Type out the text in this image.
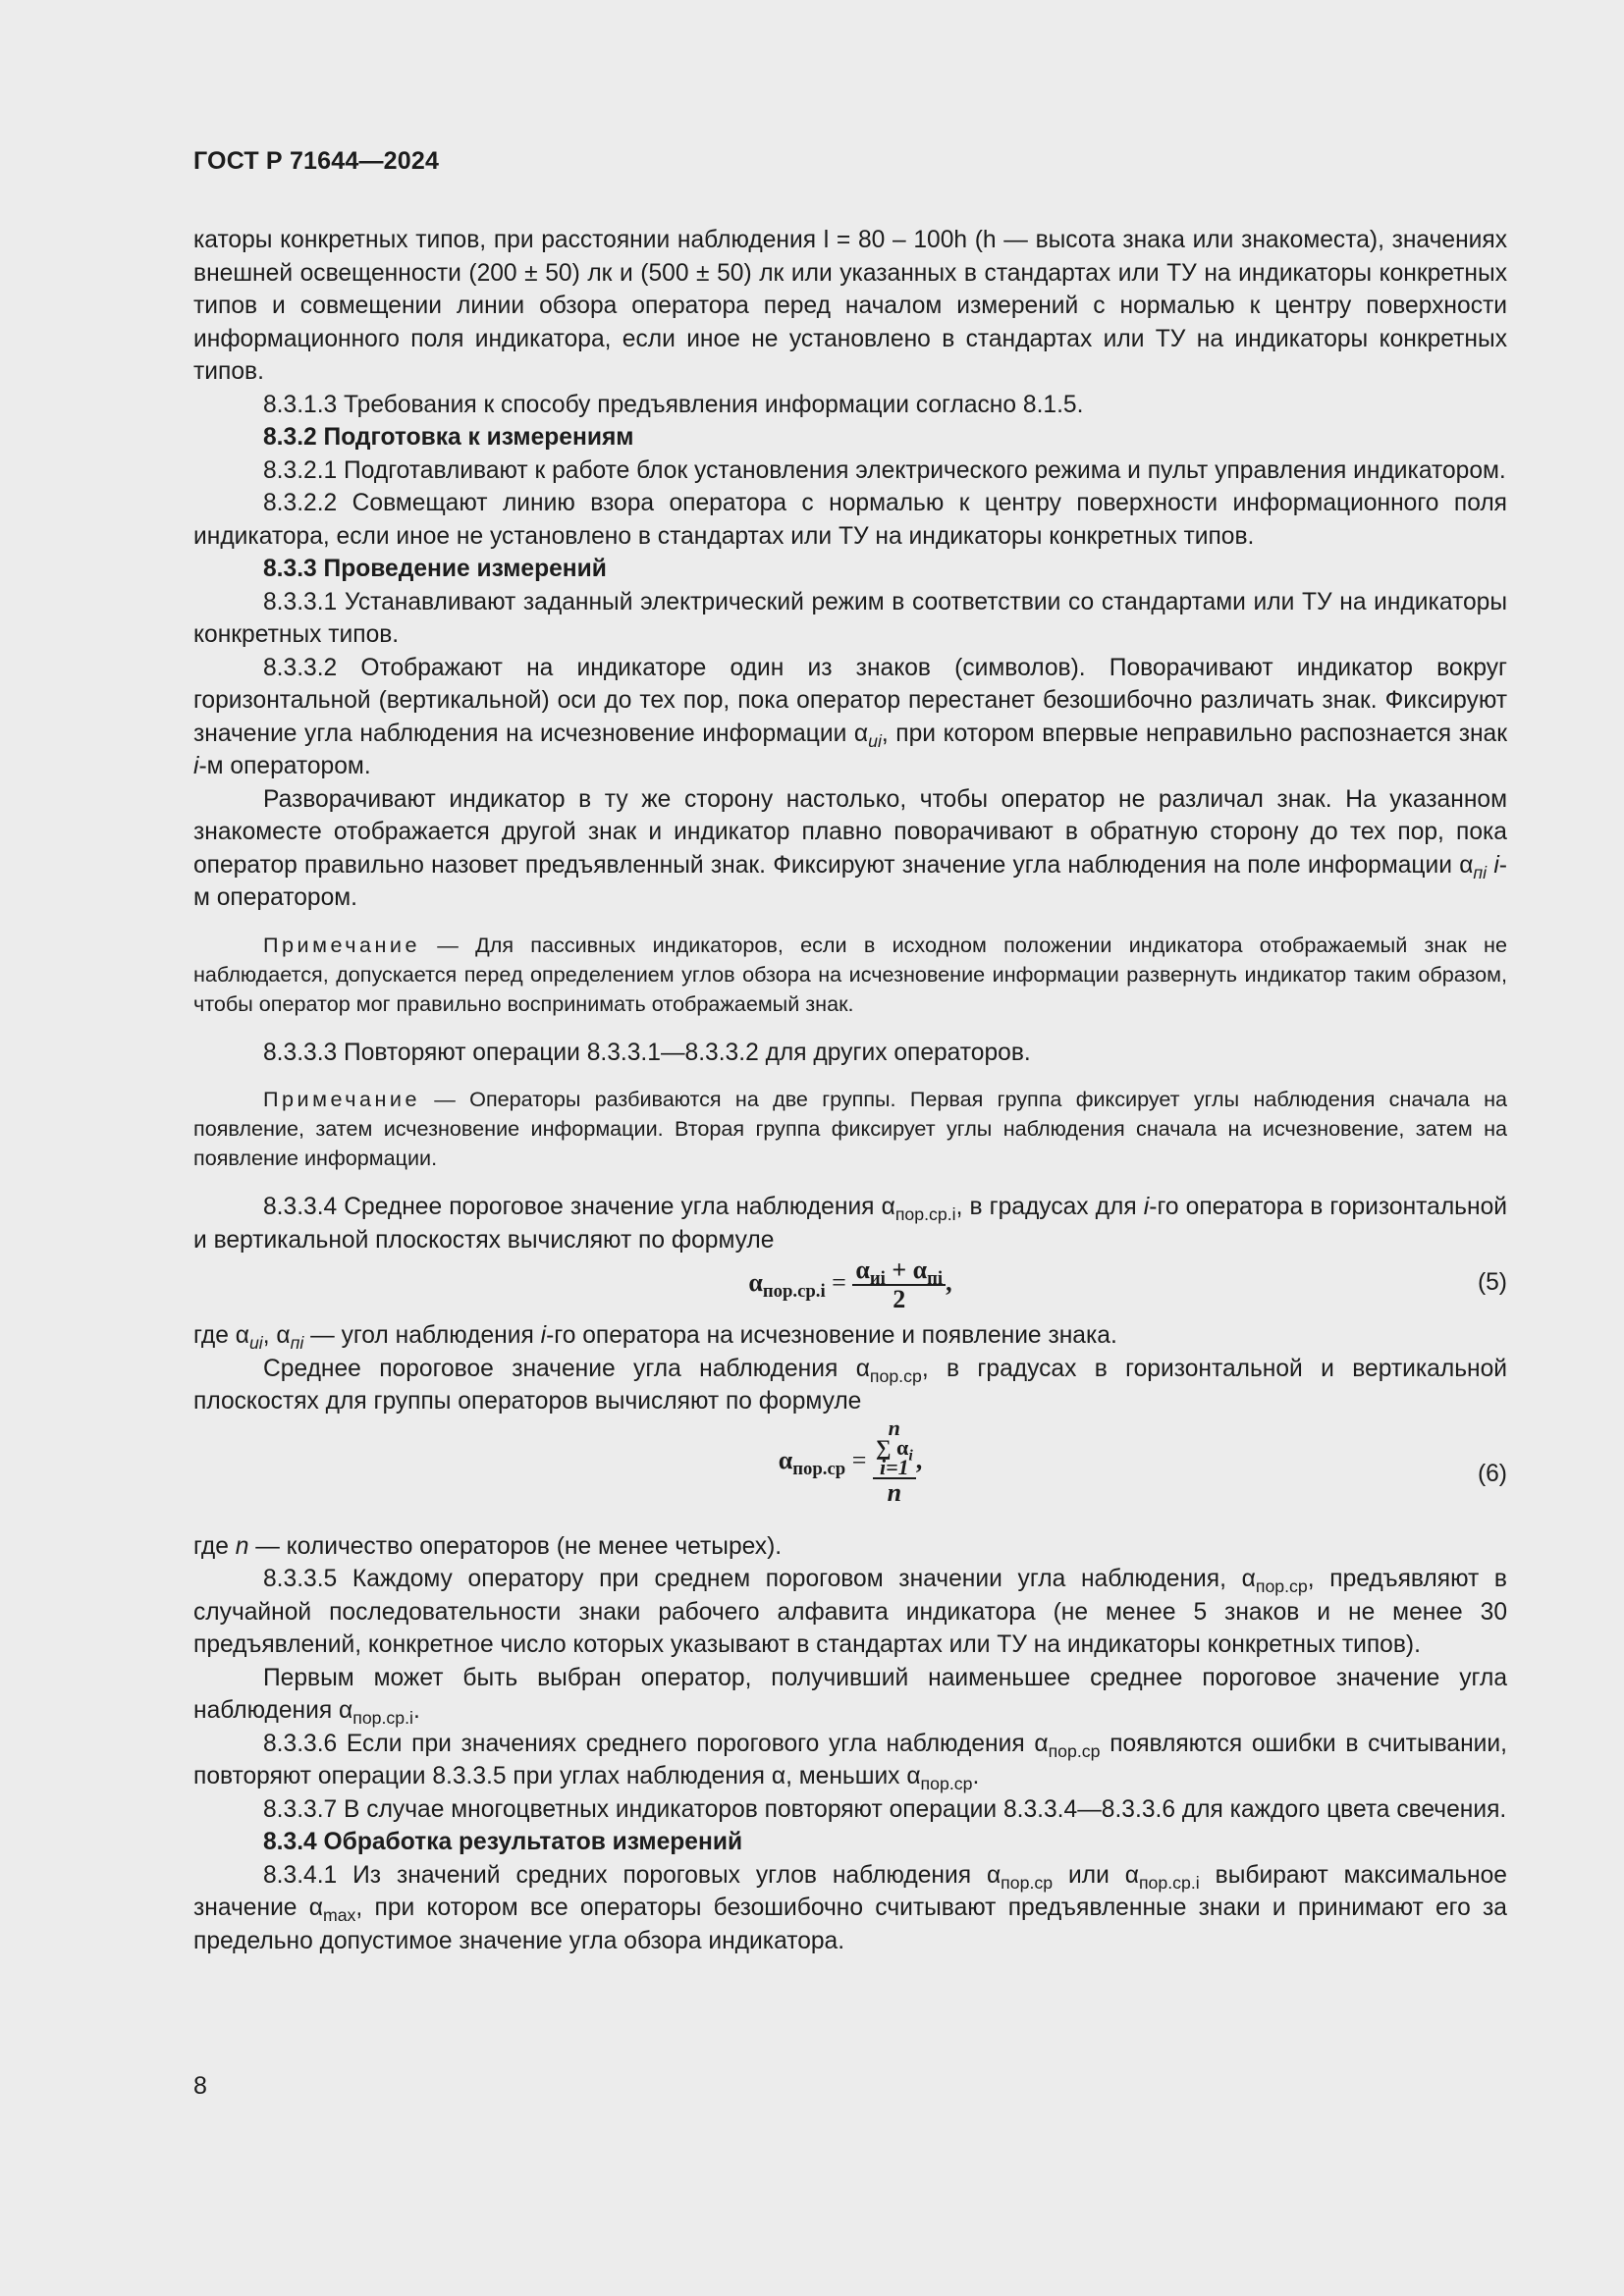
ГОСТ Р 71644—2024

каторы конкретных типов, при расстоянии наблюдения l = 80 – 100h (h — высота знака или знакоместа), значениях внешней освещенности (200 ± 50) лк и (500 ± 50) лк или указанных в стандартах или ТУ на индикаторы конкретных типов и совмещении линии обзора оператора перед началом измерений с нормалью к центру поверхности информационного поля индикатора, если иное не установлено в стандартах или ТУ на индикаторы конкретных типов.

8.3.1.3 Требования к способу предъявления информации согласно 8.1.5.

8.3.2 Подготовка к измерениям

8.3.2.1 Подготавливают к работе блок установления электрического режима и пульт управления индикатором.

8.3.2.2 Совмещают линию взора оператора с нормалью к центру поверхности информационного поля индикатора, если иное не установлено в стандартах или ТУ на индикаторы конкретных типов.

8.3.3 Проведение измерений

8.3.3.1 Устанавливают заданный электрический режим в соответствии со стандартами или ТУ на индикаторы конкретных типов.

8.3.3.2 Отображают на индикаторе один из знаков (символов). Поворачивают индикатор вокруг горизонтальной (вертикальной) оси до тех пор, пока оператор перестанет безошибочно различать знак. Фиксируют значение угла наблюдения на исчезновение информации $\alpha_{иi}$, при котором впервые неправильно распознается знак i-м оператором.

Разворачивают индикатор в ту же сторону настолько, чтобы оператор не различал знак. На указанном знакоместе отображается другой знак и индикатор плавно поворачивают в обратную сторону до тех пор, пока оператор правильно назовет предъявленный знак. Фиксируют значение угла наблюдения на поле информации $\alpha_{пi}$ i-м оператором.

Примечание — Для пассивных индикаторов, если в исходном положении индикатора отображаемый знак не наблюдается, допускается перед определением углов обзора на исчезновение информации развернуть индикатор таким образом, чтобы оператор мог правильно воспринимать отображаемый знак.

8.3.3.3 Повторяют операции 8.3.3.1—8.3.3.2 для других операторов.

Примечание — Операторы разбиваются на две группы. Первая группа фиксирует углы наблюдения сначала на появление, затем исчезновение информации. Вторая группа фиксирует углы наблюдения сначала на исчезновение, затем на появление информации.

8.3.3.4 Среднее пороговое значение угла наблюдения $\alpha_{пор.ср.i}$, в градусах для i-го оператора в горизонтальной и вертикальной плоскостях вычисляют по формуле

$\alpha_{пор.ср.i} = \frac{\alpha_{иi} + \alpha_{пi}}{2}$ ,	(5)

где $\alpha_{иi}$, $\alpha_{пi}$ — угол наблюдения i-го оператора на исчезновение и появление знака.

Среднее пороговое значение угла наблюдения $\alpha_{пор.ср}$, в градусах в горизонтальной и вертикальной плоскостях для группы операторов вычисляют по формуле

$\alpha_{пор.ср}$ =
n
∑ $\alpha_i$
i=1
n
,	(6)

где n — количество операторов (не менее четырех).

8.3.3.5 Каждому оператору при среднем пороговом значении угла наблюдения, $\alpha_{пор.ср}$, предъявляют в случайной последовательности знаки рабочего алфавита индикатора (не менее 5 знаков и не менее 30 предъявлений, конкретное число которых указывают в стандартах или ТУ на индикаторы конкретных типов).

Первым может быть выбран оператор, получивший наименьшее среднее пороговое значение угла наблюдения $\alpha_{пор.ср.i}$.

8.3.3.6 Если при значениях среднего порогового угла наблюдения $\alpha_{пор.ср}$ появляются ошибки в считывании, повторяют операции 8.3.3.5 при углах наблюдения α, меньших $\alpha_{пор.ср}$.

8.3.3.7 В случае многоцветных индикаторов повторяют операции 8.3.3.4—8.3.3.6 для каждого цвета свечения.

8.3.4 Обработка результатов измерений

8.3.4.1 Из значений средних пороговых углов наблюдения $\alpha_{пор.ср}$ или $\alpha_{пор.ср.i}$ выбирают максимальное значение $\alpha_{max}$, при котором все операторы безошибочно считывают предъявленные знаки и принимают его за предельно допустимое значение угла обзора индикатора.

8
